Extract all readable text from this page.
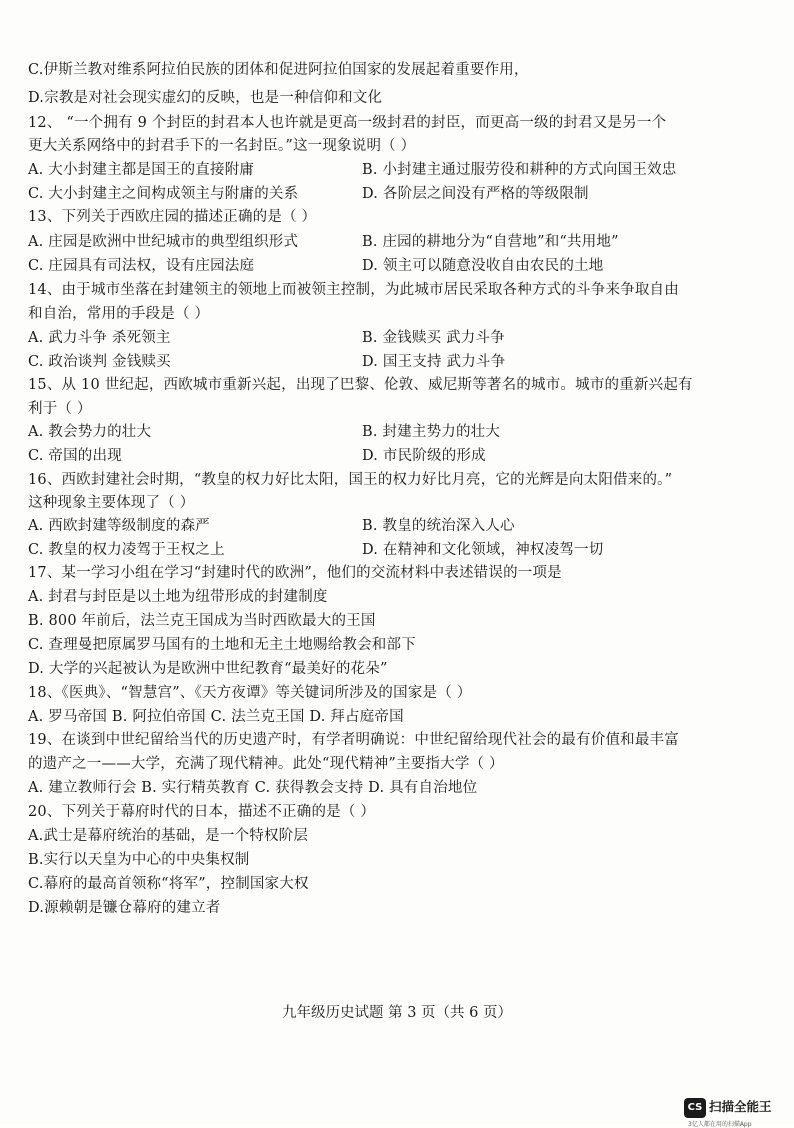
C.伊斯兰教对维系阿拉伯民族的团体和促进阿拉伯国家的发展起着重要作用，
D.宗教是对社会现实虚幻的反映，也是一种信仰和文化
12、 “一个拥有 9 个封臣的封君本人也许就是更高一级封君的封臣，而更高一级的封君又是另一个
更大关系网络中的封君手下的一名封臣。”这一现象说明（ ）
A. 大小封建主都是国王的直接附庸	B. 小封建主通过服劳役和耕种的方式向国王效忠
C. 大小封建主之间构成领主与附庸的关系	D. 各阶层之间没有严格的等级限制
13、下列关于西欧庄园的描述正确的是（ ）
A. 庄园是欧洲中世纪城市的典型组织形式	B. 庄园的耕地分为“自营地”和“共用地”
C. 庄园具有司法权，设有庄园法庭	D. 领主可以随意没收自由农民的土地
14、由于城市坐落在封建领主的领地上而被领主控制，为此城市居民采取各种方式的斗争来争取自由
和自治，常用的手段是（ ）
A. 武力斗争 杀死领主	B. 金钱赎买 武力斗争
C. 政治谈判 金钱赎买	D. 国王支持 武力斗争
15、从 10 世纪起，西欧城市重新兴起，出现了巴黎、伦敦、威尼斯等著名的城市。城市的重新兴起有
利于（ ）
A. 教会势力的壮大	B. 封建主势力的壮大
C. 帝国的出现	D. 市民阶级的形成
16、西欧封建社会时期，“教皇的权力好比太阳，国王的权力好比月亮，它的光辉是向太阳借来的。”
这种现象主要体现了（ ）
A. 西欧封建等级制度的森严	B. 教皇的统治深入人心
C. 教皇的权力凌驾于王权之上	D. 在精神和文化领域，神权凌驾一切
17、某一学习小组在学习“封建时代的欧洲”，他们的交流材料中表述错误的一项是
A. 封君与封臣是以土地为纽带形成的封建制度
B. 800 年前后，法兰克王国成为当时西欧最大的王国
C. 查理曼把原属罗马国有的土地和无主土地赐给教会和部下
D. 大学的兴起被认为是欧洲中世纪教育“最美好的花朵”
18、《医典》、“智慧宫”、《天方夜谭》等关键词所涉及的国家是（ ）
A. 罗马帝国 B. 阿拉伯帝国 C. 法兰克王国 D. 拜占庭帝国
19、在谈到中世纪留给当代的历史遗产时，有学者明确说：中世纪留给现代社会的最有价值和最丰富
的遗产之一——大学，充满了现代精神。此处“现代精神”主要指大学（ ）
A. 建立教师行会 B. 实行精英教育 C. 获得教会支持 D. 具有自治地位
20、下列关于幕府时代的日本，描述不正确的是（ ）
A.武士是幕府统治的基础，是一个特权阶层
B.实行以天皇为中心的中央集权制
C.幕府的最高首领称“将军”，控制国家大权
D.源赖朝是镰仓幕府的建立者
九年级历史试题 第 3 页（共 6 页）
CS 扫描全能王
3亿人都在用的扫描App
